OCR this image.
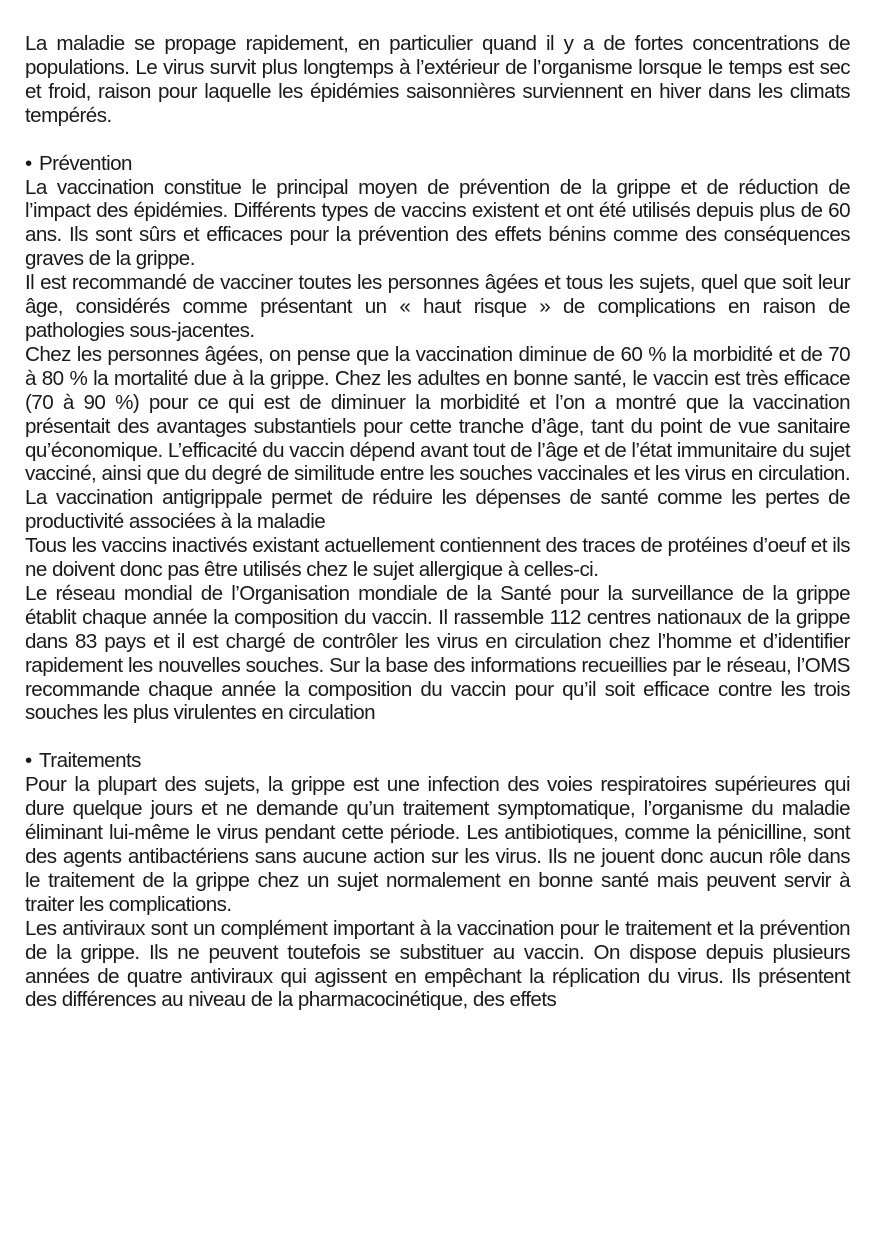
La maladie se propage rapidement, en particulier quand il y a de fortes concentrations de populations. Le virus survit plus longtemps à l’extérieur de l’organisme lorsque le temps est sec et froid, raison pour laquelle les épidémies saisonnières surviennent en hiver dans les climats tempérés.

• Prévention

La vaccination constitue le principal moyen de prévention de la grippe et de réduction de l’impact des épidémies. Différents types de vaccins existent et ont été utilisés depuis plus de 60 ans. Ils sont sûrs et efficaces pour la prévention des effets bénins comme des conséquences graves de la grippe.

Il est recommandé de vacciner toutes les personnes âgées et tous les sujets, quel que soit leur âge, considérés comme présentant un « haut risque » de complications en raison de pathologies sous-jacentes.

Chez les personnes âgées, on pense que la vaccination diminue de 60 % la morbidité et de 70 à 80 % la mortalité due à la grippe. Chez les adultes en bonne santé, le vaccin est très efficace (70 à 90 %) pour ce qui est de diminuer la morbidité et l’on a montré que la vaccination présentait des avantages substantiels pour cette tranche d’âge, tant du point de vue sanitaire qu’économique. L’efficacité du vaccin dépend avant tout de l’âge et de l’état immunitaire du sujet vacciné, ainsi que du degré de similitude entre les souches vaccinales et les virus en circulation. La vaccination antigrippale permet de réduire les dépenses de santé comme les pertes de productivité associées à la maladie

Tous les vaccins inactivés existant actuellement contiennent des traces de protéines d’oeuf et ils ne doivent donc pas être utilisés chez le sujet allergique à celles-ci.

Le réseau mondial de l’Organisation mondiale de la Santé pour la surveillance de la grippe établit chaque année la composition du vaccin. Il rassemble 112 centres nationaux de la grippe dans 83 pays et il est chargé de contrôler les virus en circulation chez l’homme et d’identifier rapidement les nouvelles souches. Sur la base des informations recueillies par le réseau, l’OMS recommande chaque année la composition du vaccin pour qu’il soit efficace contre les trois souches les plus virulentes en circulation

• Traitements

Pour la plupart des sujets, la grippe est une infection des voies respiratoires supérieures qui dure quelque jours et ne demande qu’un traitement symptomatique, l’organisme du maladie éliminant lui-même le virus pendant cette période. Les antibiotiques, comme la pénicilline, sont des agents antibactériens sans aucune action sur les virus. Ils ne jouent donc aucun rôle dans le traitement de la grippe chez un sujet normalement en bonne santé mais peuvent servir à traiter les complications.

Les antiviraux sont un complément important à la vaccination pour le traitement et la prévention de la grippe. Ils ne peuvent toutefois se substituer au vaccin. On dispose depuis plusieurs années de quatre antiviraux qui agissent en empêchant la réplication du virus. Ils présentent des différences au niveau de la pharmacocinétique, des effets
